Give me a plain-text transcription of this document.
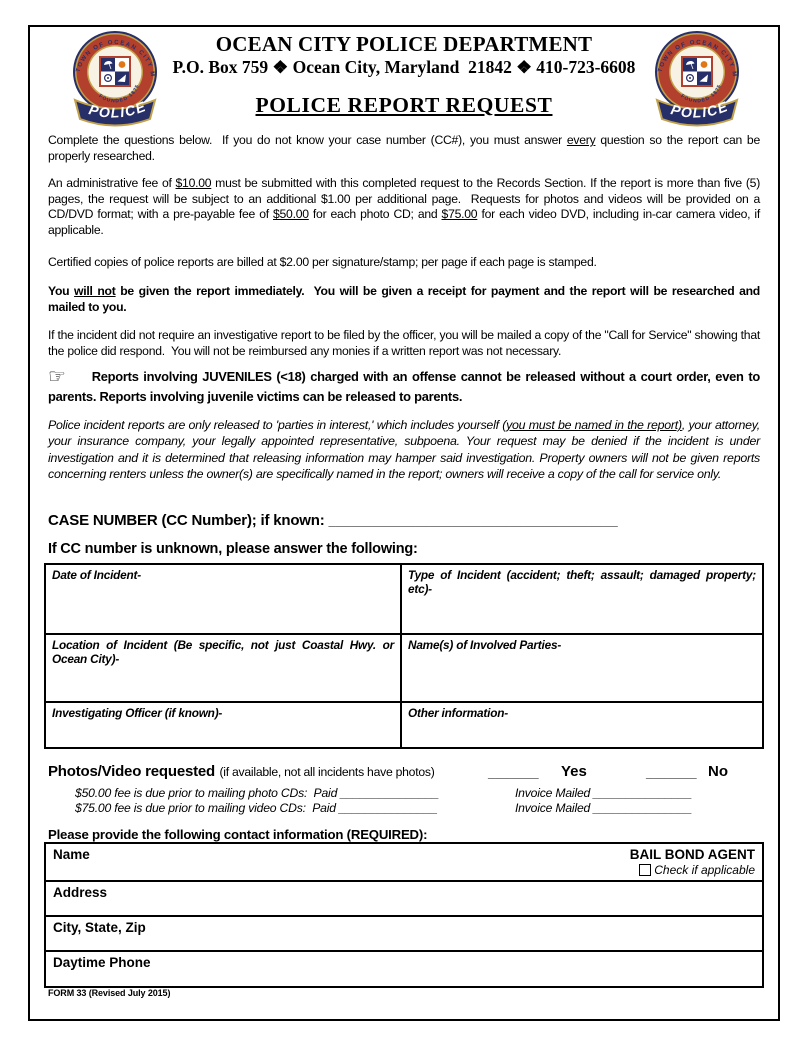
OCEAN CITY POLICE DEPARTMENT
P.O. Box 759 ❖ Ocean City, Maryland  21842 ❖ 410-723-6608
POLICE REPORT REQUEST
Complete the questions below.  If you do not know your case number (CC#), you must answer every question so the report can be properly researched.
An administrative fee of $10.00 must be submitted with this completed request to the Records Section. If the report is more than five (5) pages, the request will be subject to an additional $1.00 per additional page.  Requests for photos and videos will be provided on a CD/DVD format; with a pre-payable fee of $50.00 for each photo CD; and $75.00 for each video DVD, including in-car camera video, if applicable.
Certified copies of police reports are billed at $2.00 per signature/stamp; per page if each page is stamped.
You will not be given the report immediately.  You will be given a receipt for payment and the report will be researched and mailed to you.
If the incident did not require an investigative report to be filed by the officer, you will be mailed a copy of the "Call for Service" showing that the police did respond.  You will not be reimbursed any monies if a written report was not necessary.
☞ Reports involving JUVENILES (<18) charged with an offense cannot be released without a court order, even to parents. Reports involving juvenile victims can be released to parents.
Police incident reports are only released to 'parties in interest,' which includes yourself (you must be named in the report), your attorney, your insurance company, your legally appointed representative, subpoena. Your request may be denied if the incident is under investigation and it is determined that releasing information may hamper said investigation. Property owners will not be given reports concerning renters unless the owner(s) are specifically named in the report; owners will receive a copy of the call for service only.
CASE NUMBER (CC Number); if known: ________________________________________
If CC number is unknown, please answer the following:
Date of Incident-	Type of Incident (accident; theft; assault; damaged property; etc)-
Location of Incident (Be specific, not just Coastal Hwy. or Ocean City)-	Name(s) of Involved Parties-
Investigating Officer (if known)-	Other information-
Photos/Video requested (if available, not all incidents have photos)	_______ Yes	_______ No
$50.00 fee is due prior to mailing photo CDs:  Paid _______________	Invoice Mailed _______________
$75.00 fee is due prior to mailing video CDs:  Paid _______________	Invoice Mailed _______________
Please provide the following contact information (REQUIRED):
Name	BAIL BOND AGENT
Check if applicable

Address
City, State, Zip
Daytime Phone
FORM 33 (Revised July 2015)
